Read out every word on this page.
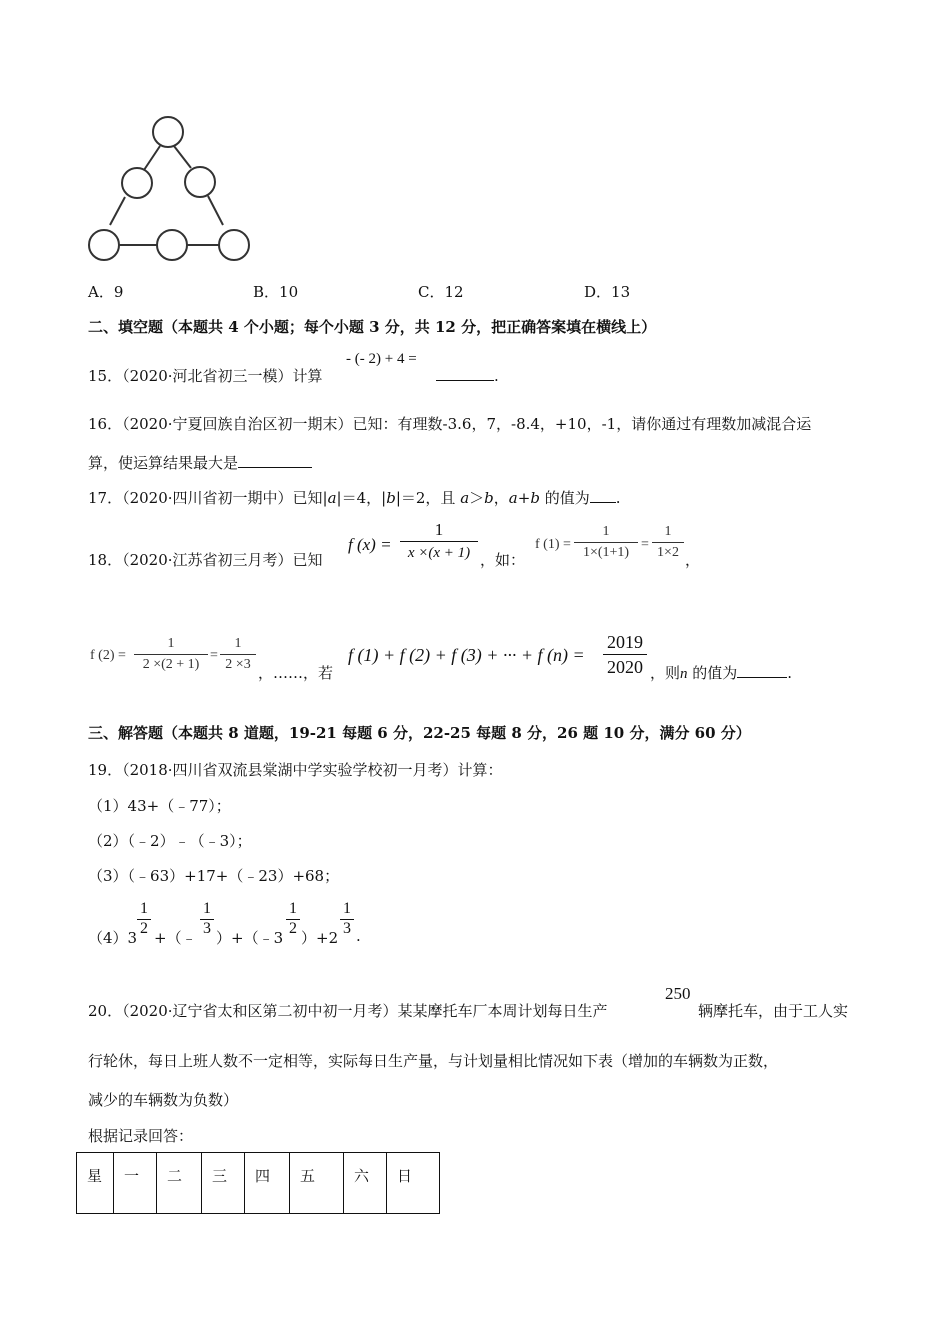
A．9	B．10	C．12	D．13
二、填空题（本题共 4 个小题；每个小题 3 分，共 12 分，把正确答案填在横线上）
15．（2020·河北省初三一模）计算
- (- 2) + 4 =
.
16．（2020·宁夏回族自治区初一期末）已知：有理数-3.6，7，-8.4，+10，-1，请你通过有理数加减混合运
算，使运算结果最大是
17．（2020·四川省初一期中）已知|a|＝4，|b|＝2，且 a＞b，a+b 的值为 .
18．（2020·江苏省初三月考）已知
f $(x) = \frac{1}{x \times(x + 1)}$ ，如：
f $(1) = \frac{1}{1\times(1+1)} = \frac{1}{1\times 2}$ ，
f $(2) = \frac{1}{2 \times(2 + 1)} = \frac{1}{2 \times 3}$ ，……，若
f (1) + f (2) + f (3) + ··· + f $(n) = \frac{2019}{2020}$ ，则n 的值为	.
三、解答题（本题共 8 道题，19-21 每题 6 分，22-25 每题 8 分，26 题 10 分，满分 60 分）
19．（2018·四川省双流县棠湖中学实验学校初一月考）计算：
（1）43+（﹣77）；
（2）（﹣2）﹣（﹣3）；
（3）（﹣63）+17+（﹣23）+68；
$(4)3 \frac{1}{2}$ +（﹣ $\frac{1}{3}$ ）+（﹣3 $\frac{1}{2} )+2 \frac{1}{3}$ .
20．（2020·辽宁省太和区第二初中初一月考）某某摩托车厂本周计划每日生产
250
辆摩托车，由于工人实
行轮休，每日上班人数不一定相等，实际每日生产量，与计划量相比情况如下表（增加的车辆数为正数，
减少的车辆数为负数）
根据记录回答：
星	一	二	三	四	五	六	日
